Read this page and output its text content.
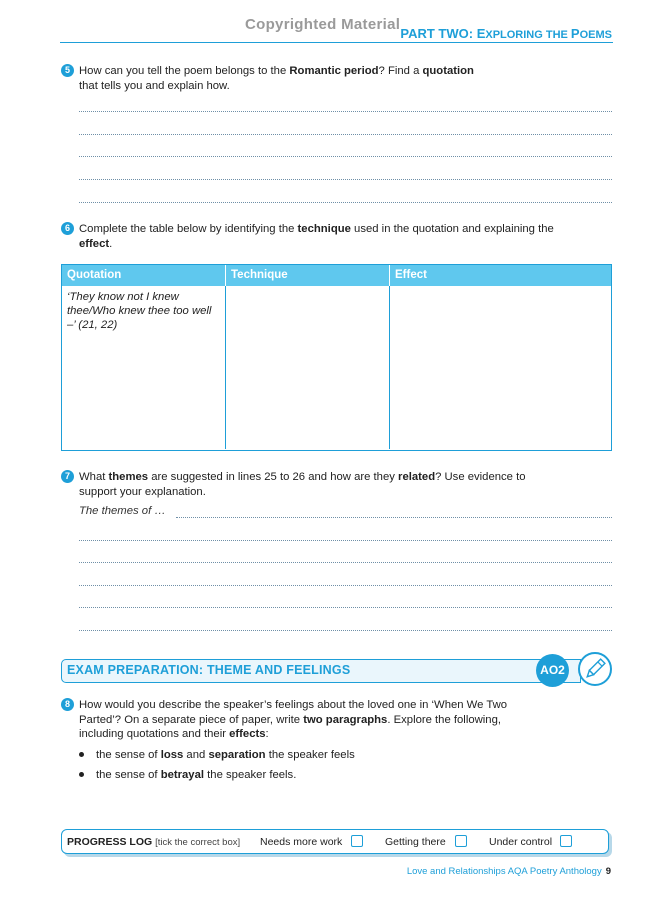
Copyrighted Material
PART TWO: EXPLORING THE POEMS
5 How can you tell the poem belongs to the Romantic period? Find a quotation
that tells you and explain how.
6 Complete the table below by identifying the technique used in the quotation and explaining the effect.
Quotation	Technique	Effect
‘They know not I knew thee/Who knew thee too well –’ (21, 22)
7 What themes are suggested in lines 25 to 26 and how are they related? Use evidence to support your explanation.
The themes of …
EXAM PREPARATION: THEME AND FEELINGS	AO2
8 How would you describe the speaker’s feelings about the loved one in ‘When We Two Parted’? On a separate piece of paper, write two paragraphs. Explore the following, including quotations and their effects:
the sense of loss and separation the speaker feels
the sense of betrayal the speaker feels.
PROGRESS LOG [tick the correct box] Needs more work	Getting there	Under control
Love and Relationships AQA Poetry Anthology 9
